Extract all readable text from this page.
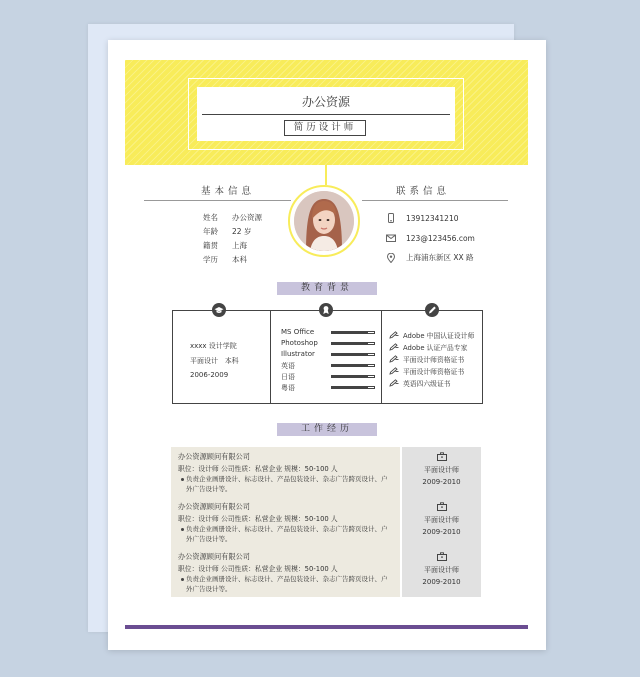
办公资源
简历设计师
基本信息
姓名 办公资源
年龄 22 岁
籍贯 上海
学历 本科
联系信息
13912341210
123@123456.com
上海浦东新区 XX 路
教育背景
xxxx 设计学院
平面设计 本科
2006-2009
MS Office
Photoshop
Illustrator
英语
日语
粤语
Adobe 中国认证设计师
Adobe 认证产品专家
平面设计师资格证书
平面设计师资格证书
英语四六级证书
工作经历
办公资源顾问有限公司
职位：设计师 公司性质：私营企业 规模：50-100 人
负责企业画册设计、标志设计、产品包装设计、杂志广告跨页设计、户外广告设计等。
平面设计师
2009-2010
办公资源顾问有限公司
职位：设计师 公司性质：私营企业 规模：50-100 人
负责企业画册设计、标志设计、产品包装设计、杂志广告跨页设计、户外广告设计等。
平面设计师
2009-2010
办公资源顾问有限公司
职位：设计师 公司性质：私营企业 规模：50-100 人
负责企业画册设计、标志设计、产品包装设计、杂志广告跨页设计、户外广告设计等。
平面设计师
2009-2010
